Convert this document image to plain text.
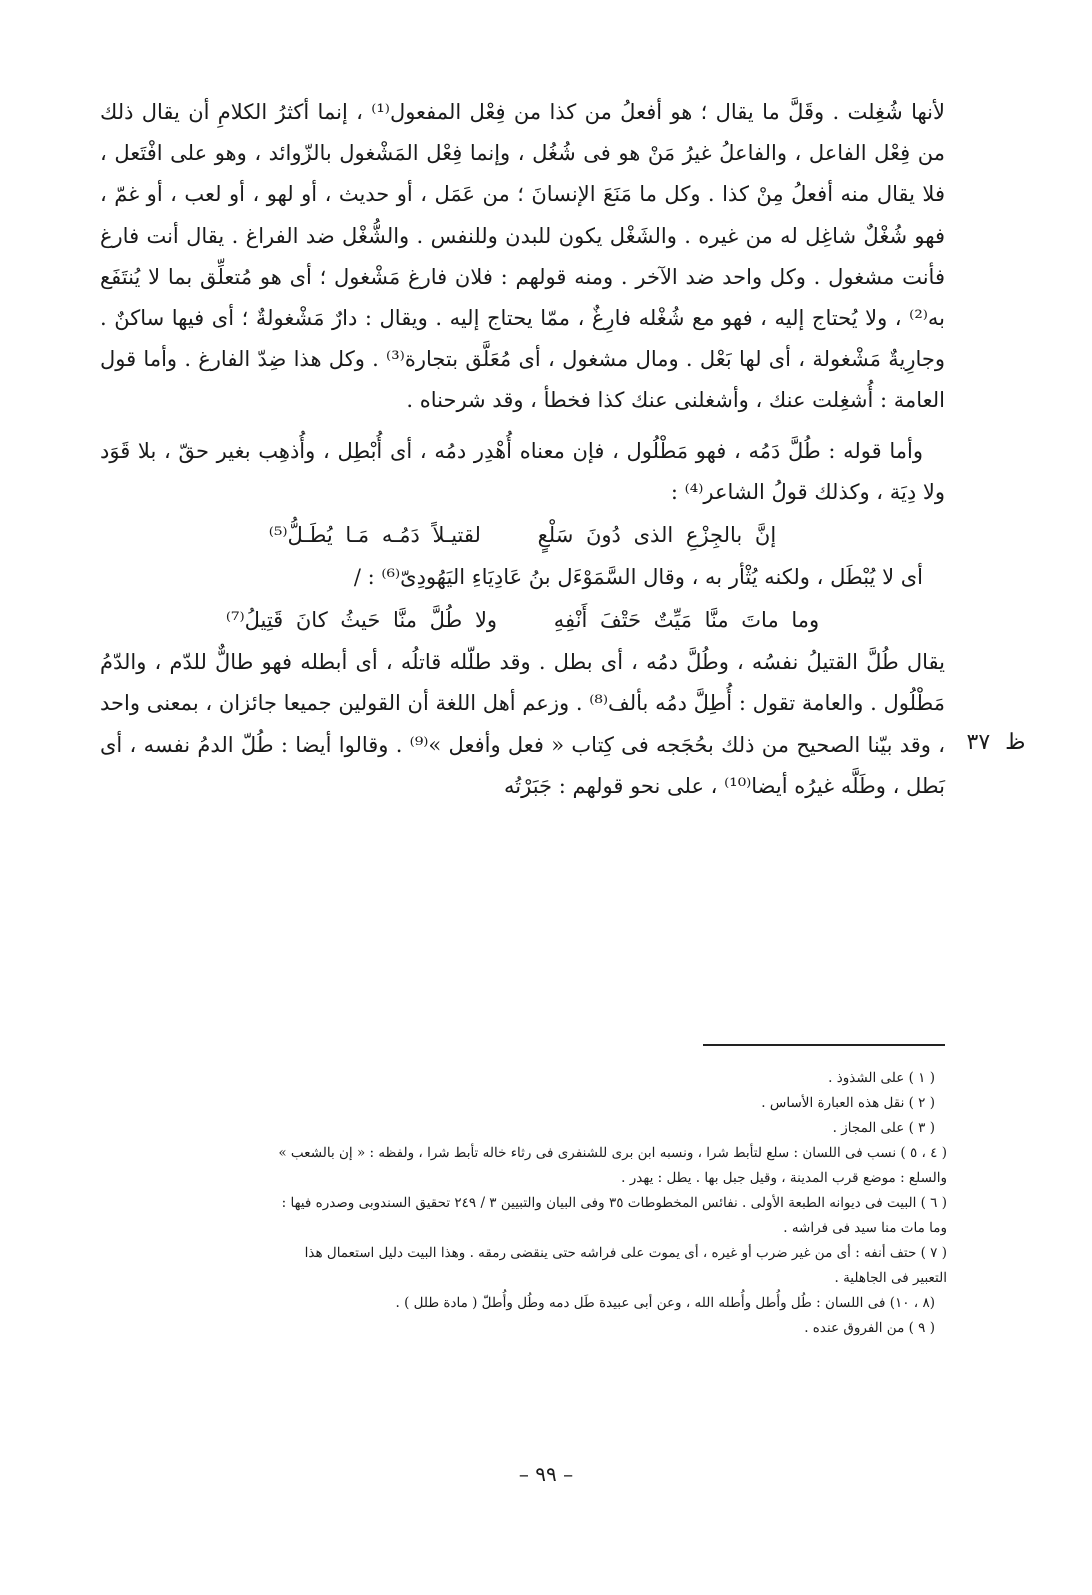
لأنها شُغِلت . وقَلَّ ما يقال ؛ هو أفعلُ من كذا من فِعْل المفعول⁽¹⁾ ، إنما أكثرُ الكلامِ أن يقال ذلك من فِعْل الفاعل ، والفاعلُ غيرُ مَنْ هو فى شُغُل ، وإنما فِعْل المَشْغول بالزّوائد ، وهو على افْتَعل ، فلا يقال منه أفعلُ مِنْ كذا . وكل ما مَنَعَ الإنسانَ ؛ من عَمَل ، أو حديث ، أو لهو ، أو لعب ، أو غمّ ، فهو شُغْلٌ شاغِل له من غيره . والشَغْل يكون للبدن وللنفس . والشُّغْل ضد الفراغ . يقال أنت فارغ فأنت مشغول . وكل واحد ضد الآخر . ومنه قولهم : فلان فارغ مَشْغول ؛ أى هو مُتعلِّق بما لا يُنتَفَع به⁽²⁾ ، ولا يُحتاج إليه ، فهو مع شُغْله فارِغٌ ، ممّا يحتاج إليه . ويقال : دارٌ مَشْغولةٌ ؛ أى فيها ساكنٌ . وجارِيةٌ مَشْغولة ، أى لها بَعْل . ومال مشغول ، أى مُعَلَّق بتجارة⁽³⁾ . وكل هذا ضِدّ الفارغ . وأما قول العامة : أُشغِلت عنك ، وأشغلنى عنك كذا فخطأ ، وقد شرحناه .

وأما قوله : طُلَّ دَمُه ، فهو مَطْلُول ، فإن معناه أُهْدِر دمُه ، أى أُبْطِل ، وأُذهِب بغير حقّ ، بلا قَوَد ولا دِيَة ، وكذلك قولُ الشاعر⁽⁴⁾ :

إنَّ بالجِزْعِ الذى دُونَ سَلْعٍ لقتيـلاً دَمُـه مَـا يُطَـلُّ⁽⁵⁾

أى لا يُبْطَل ، ولكنه يُثْأر به ، وقال السَّمَوْءَل بنُ عَادِيَاءِ اليَهُودِىّ⁽⁶⁾ : /

وما ماتَ منَّا مَيِّتٌ حَتْفَ أَنْفِهِ ولا طُلَّ منَّا حَيثُ كانَ قَتِيلُ⁽⁷⁾

يقال طُلَّ القتيلُ نفسُه ، وطُلَّ دمُه ، أى بطل . وقد طلّله قاتلُه ، أى أبطله فهو طالٌّ للدّم ، والدّمُ مَطْلُول . والعامة تقول : أُطِلَّ دمُه بألف⁽⁸⁾ . وزعم أهل اللغة أن القولين جميعا جائزان ، بمعنى واحد ، وقد بيّنا الصحيح من ذلك بحُجَجه فى كِتاب « فعل وأفعل »⁽⁹⁾ . وقالوا أيضا : طُلّ الدمُ نفسه ، أى بَطل ، وطَلَّه غيرُه أيضا⁽¹⁰⁾ ، على نحو قولهم : جَبَرْتُه

ظ ٣٧

( ١ ) على الشذوذ .

( ٢ ) نقل هذه العبارة الأساس .

( ٣ ) على المجاز .

( ٤ ، ٥ ) نسب فى اللسان : سلع لتأبط شرا ، ونسبه ابن برى للشنفرى فى رثاء خاله تأبط شرا ، ولفظه : « إن بالشعب »

والسلع : موضع قرب المدينة ، وقيل جبل بها . يطل : يهدر .

( ٦ ) البيت فى ديوانه الطبعة الأولى . نفائس المخطوطات ٣٥ وفى البيان والتبيين ٣ / ٢٤٩ تحقيق السندوبى وصدره فيها :

وما مات منا سيد فى فراشه .

( ٧ ) حتف أنفه : أى من غير ضرب أو غيره ، أى يموت على فراشه حتى ينقضى رمقه . وهذا البيت دليل استعمال هذا

التعبير فى الجاهلية .

(٨ ، ١٠) فى اللسان : طُل وأُطل وأُطله الله ، وعن أبى عبيدة طَل دمه وطُل وأُطلّ ( مادة طلل ) .

( ٩ ) من الفروق عنده .

– ٩٩ –
